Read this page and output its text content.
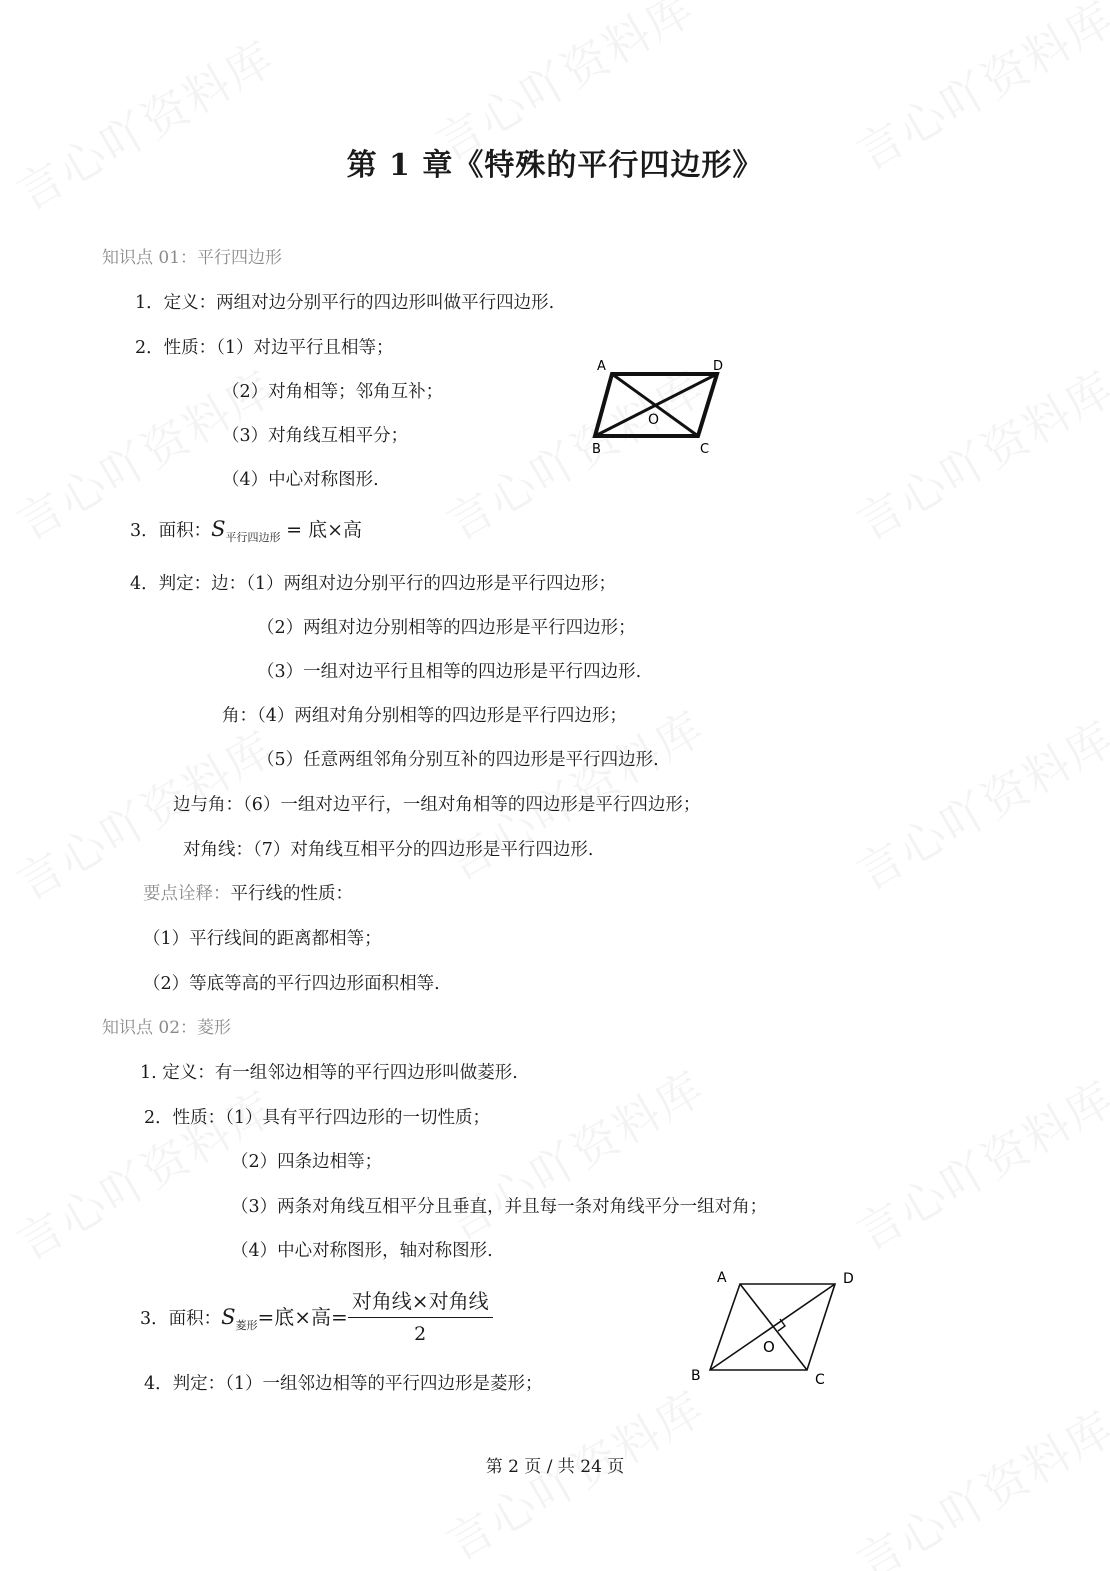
第 1 章《特殊的平行四边形》
知识点 01：平行四边形
1．定义：两组对边分别平行的四边形叫做平行四边形.
2．性质：（1）对边平行且相等；
（2）对角相等；邻角互补；
（3）对角线互相平分；
（4）中心对称图形.
A	D
B	C
O
3．面积：$S_{平行四边形}$ = 底×高
4．判定：边：（1）两组对边分别平行的四边形是平行四边形；
（2）两组对边分别相等的四边形是平行四边形；
（3）一组对边平行且相等的四边形是平行四边形.
角：（4）两组对角分别相等的四边形是平行四边形；
（5）任意两组邻角分别互补的四边形是平行四边形.
边与角：（6）一组对边平行，一组对角相等的四边形是平行四边形；
对角线：（7）对角线互相平分的四边形是平行四边形.
要点诠释：平行线的性质：
（1）平行线间的距离都相等；
（2）等底等高的平行四边形面积相等.
知识点 02：菱形
1. 定义：有一组邻边相等的平行四边形叫做菱形.
2．性质：（1）具有平行四边形的一切性质；
（2）四条边相等；
（3）两条对角线互相平分且垂直，并且每一条对角线平分一组对角；
（4）中心对称图形，轴对称图形.
3．面积：$S_{菱形}=$底×高= $\frac{\text{对角线×对角线}}{2}$
4．判定：（1）一组邻边相等的平行四边形是菱形；
A	D
B	C
O
第 2 页 / 共 24 页
